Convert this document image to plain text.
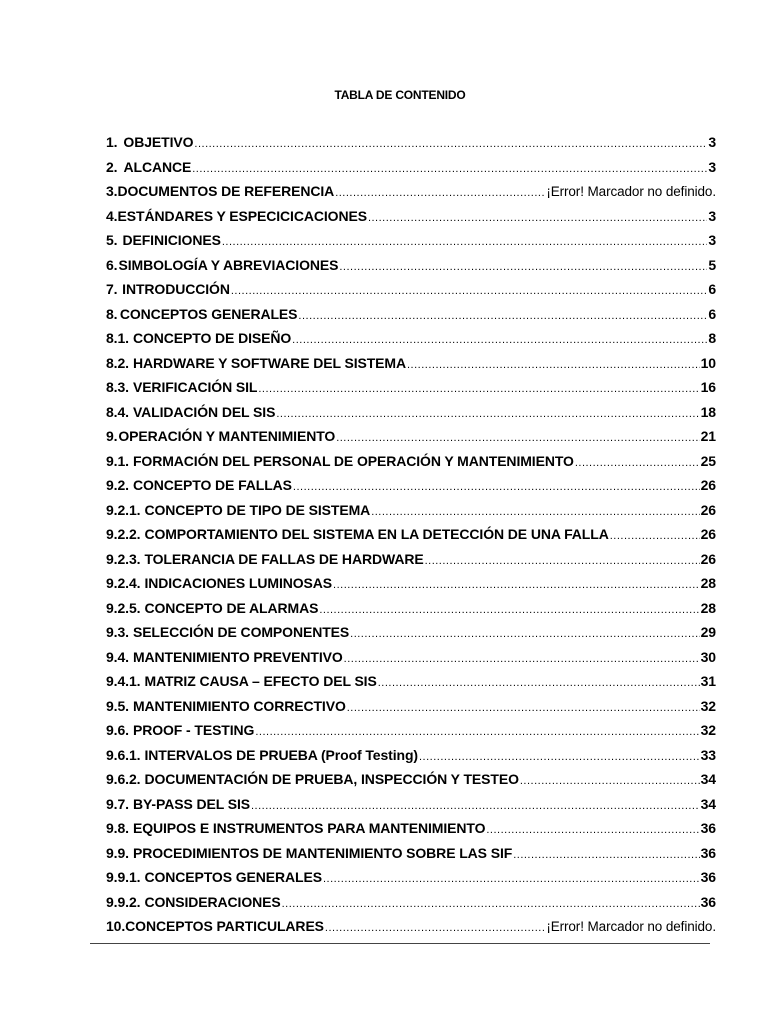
TABLA DE CONTENIDO
1. OBJETIVO .....	3
2. ALCANCE .....	3
3. DOCUMENTOS DE REFERENCIA .....	¡Error! Marcador no definido.
4. ESTÁNDARES Y ESPECICICACIONES .....	3
5. DEFINICIONES .....	3
6. SIMBOLOGÍA Y ABREVIACIONES .....	5
7. INTRODUCCIÓN .....	6
8. CONCEPTOS GENERALES .....	6
8.1. CONCEPTO DE DISEÑO .....	8
8.2. HARDWARE Y SOFTWARE DEL SISTEMA .....	10
8.3. VERIFICACIÓN SIL .....	16
8.4. VALIDACIÓN DEL SIS .....	18
9. OPERACIÓN Y MANTENIMIENTO .....	21
9.1. FORMACIÓN DEL PERSONAL DE OPERACIÓN Y MANTENIMIENTO .....	25
9.2. CONCEPTO DE FALLAS .....	26
9.2.1. CONCEPTO DE TIPO DE SISTEMA .....	26
9.2.2. COMPORTAMIENTO DEL SISTEMA EN LA DETECCIÓN DE UNA FALLA .....	26
9.2.3. TOLERANCIA DE FALLAS DE HARDWARE .....	26
9.2.4. INDICACIONES LUMINOSAS .....	28
9.2.5. CONCEPTO DE ALARMAS .....	28
9.3. SELECCIÓN DE COMPONENTES .....	29
9.4. MANTENIMIENTO PREVENTIVO .....	30
9.4.1. MATRIZ CAUSA – EFECTO DEL SIS .....	31
9.5. MANTENIMIENTO CORRECTIVO .....	32
9.6. PROOF - TESTING .....	32
9.6.1. INTERVALOS DE PRUEBA (Proof Testing) .....	33
9.6.2. DOCUMENTACIÓN DE PRUEBA, INSPECCIÓN Y TESTEO .....	34
9.7. BY-PASS DEL SIS .....	34
9.8. EQUIPOS E INSTRUMENTOS PARA MANTENIMIENTO .....	36
9.9. PROCEDIMIENTOS DE MANTENIMIENTO SOBRE LAS SIF .....	36
9.9.1. CONCEPTOS GENERALES .....	36
9.9.2. CONSIDERACIONES .....	36
10. CONCEPTOS PARTICULARES .....	¡Error! Marcador no definido.
